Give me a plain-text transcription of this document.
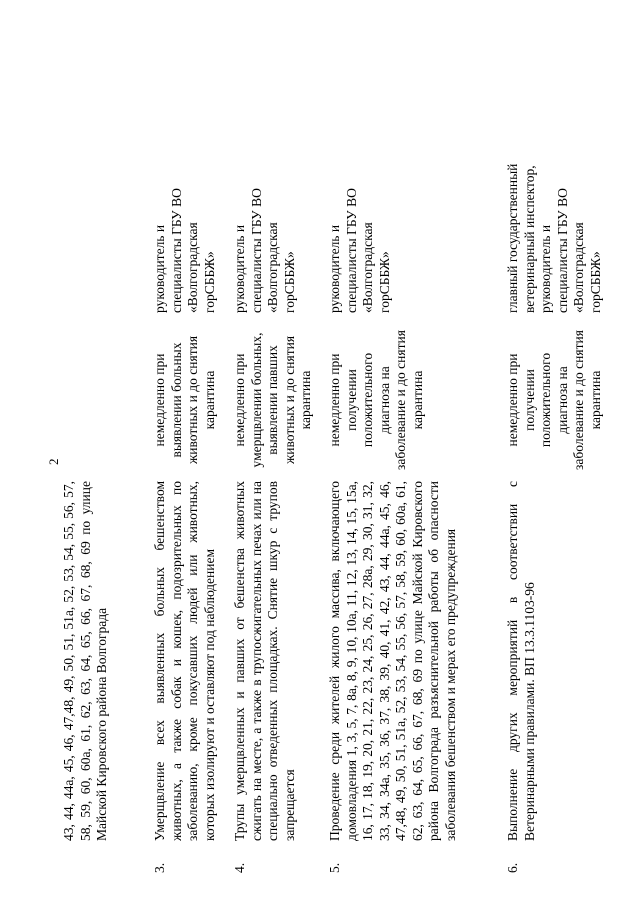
2
43, 44, 44а, 45, 46, 47,48, 49, 50, 51, 51а, 52, 53, 54, 55, 56, 57, 58, 59, 60, 60а, 61, 62, 63, 64, 65, 66, 67, 68, 69 по улице Майской Кировского района Волгограда
3.
Умерщвление всех выявленных больных бешенством животных, а также собак и кошек, подозрительных по заболеванию, кроме покусавших людей или животных, которых изолируют и оставляют под наблюдением
немедленно при выявлении больных животных и до снятия карантина
руководитель и специалисты ГБУ ВО «Волгоградская горСББЖ»
4.
Трупы умерщвленных и павших от бешенства животных сжигать на месте, а также в трупосжигательных печах или на специально отведенных площадках. Снятие шкур с трупов запрещается
немедленно при умерщвлении больных, выявлении павших животных и до снятия карантина
руководитель и специалисты ГБУ ВО «Волгоградская горСББЖ»
5.
Проведение среди жителей жилого массива, включающего домовладения 1, 3, 5, 7, 8а, 8, 9, 10, 10а, 11, 12, 13, 14, 15, 15а, 16, 17, 18, 19, 20, 21, 22, 23, 24, 25, 26, 27, 28а, 29, 30, 31, 32, 33, 34, 34а, 35, 36, 37, 38, 39, 40, 41, 42, 43, 44, 44а, 45, 46, 47,48, 49, 50, 51, 51а, 52, 53, 54, 55, 56, 57, 58, 59, 60, 60а, 61, 62, 63, 64, 65, 66, 67, 68, 69 по улице Майской Кировского района Волгограда разъяснительной работы об опасности заболевания бешенством и мерах его предупреждения
немедленно при получении положительного диагноза на заболевание и до снятия карантина
руководитель и специалисты ГБУ ВО «Волгоградская горСББЖ»
6.
Выполнение других мероприятий в соответствии с Ветеринарными правилами. ВП 13.3.1103-96
немедленно при получении положительного диагноза на заболевание и до снятия карантина
главный государственный ветеринарный инспектор, руководитель и специалисты ГБУ ВО «Волгоградская горСББЖ»
